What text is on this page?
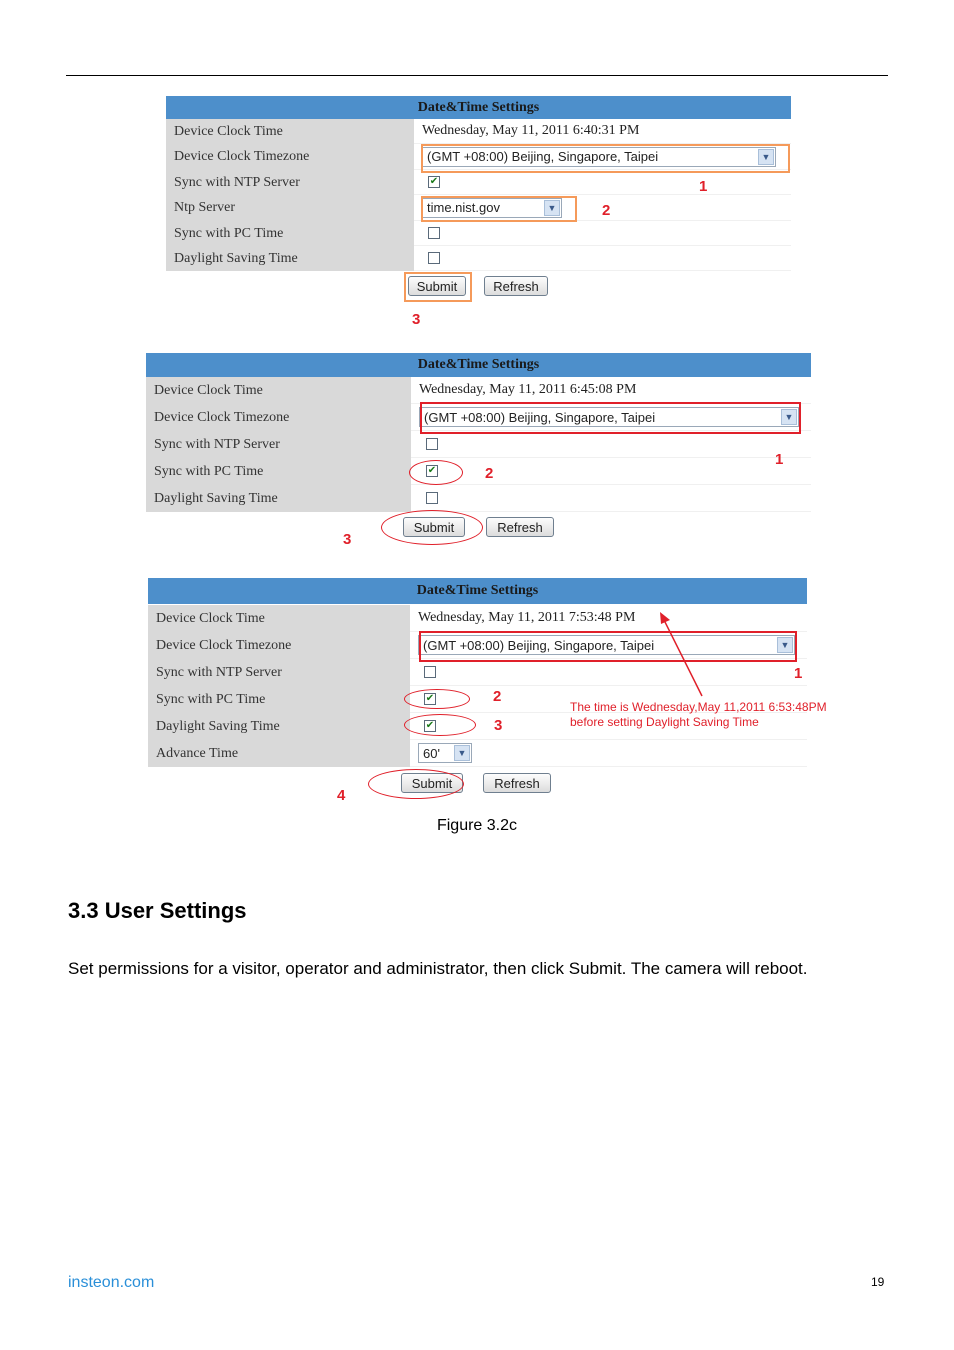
Date&Time Settings
Device Clock Time	Wednesday, May 11, 2011 6:40:31 PM
Device Clock Timezone	(GMT +08:00) Beijing, Singapore, Taipei	▼
Sync with NTP Server	✔
Ntp Server	time.nist.gov	▼
Sync with PC Time
Daylight Saving Time
Submit	Refresh
1
2
3
Date&Time Settings
Device Clock Time	Wednesday, May 11, 2011 6:45:08 PM
Device Clock Timezone	(GMT +08:00) Beijing, Singapore, Taipei	▼
Sync with NTP Server
Sync with PC Time	✔
Daylight Saving Time
Submit	Refresh
1
2
3
Date&Time Settings
Device Clock Time	Wednesday, May 11, 2011 7:53:48 PM
Device Clock Timezone	(GMT +08:00) Beijing, Singapore, Taipei	▼
Sync with NTP Server
Sync with PC Time	✔
Daylight Saving Time	✔
Advance Time	60'	▼
Submit	Refresh
1
2
3
4
The time is Wednesday,May 11,2011 6:53:48PM
before setting Daylight Saving Time
Figure 3.2c
3.3 User Settings
Set permissions for a visitor, operator and administrator, then click Submit. The camera will reboot.
insteon.com	19
